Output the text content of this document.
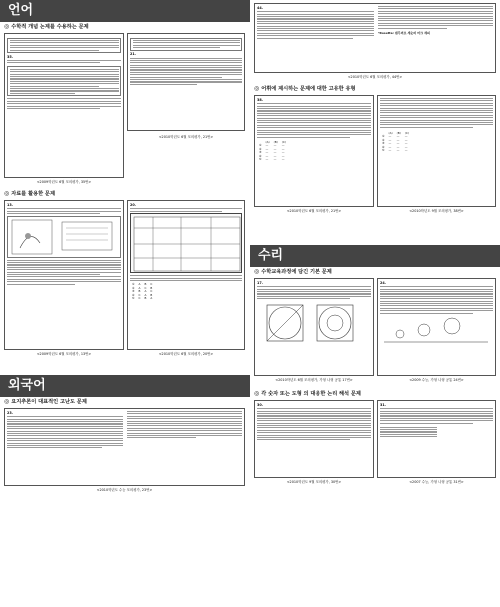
언어
◎ 수학적 개념 논제를 수용하는 문제
35.
<2009학년도 6월 모의평가, 35번>
21.
<2010학년도 6월 모의평가, 21번>
◎ 자료를 활용한 문제
13.
<2009학년도 6월 모의평가, 13번>
20.
①	A	B	C
②	A	C	B
③	B	A	C
④	C	A	B
⑤	C	B	A
<2010학년도 6월 모의평가, 20번>
외국어
◎ 요지추론이 대표적인 고난도 문제
23.
<2010학년도 수능 모의평가, 23번>
44.
*Rosetta: 범무버로 세숫비 마크 세피
<2010학년도 6월 모의평가, 44번>
◎ 어휘에 제시하는 문제에 대한 고유한 유형
38.
	(A)	(B)	(C)
①	—	—	—
②	—	—	—
③	—	—	—
④	—	—	—
⑤	—	—	—
	(A)	(B)	(C)
①	—	—	—
②	—	—	—
③	—	—	—
④	—	—	—
⑤	—	—	—
<2010학년도 6월 모의평가, 21번>	<2010학년도 9월 모의평가, 38번>
수리
◎ 수학교육과정에 담긴 기본 문제
17.
<2010학년도 6월 모의평가, 가형 나형 공통 17번>
24.
<2009 수능, 가형 나형 공통 24번>
◎ 각 숫자 또는 도형 의 대응한 논리 해석 문제
30.
<2010학년도 9월 모의평가, 30번>
31.
<2007 수능, 가형 나형 공통 31번>
